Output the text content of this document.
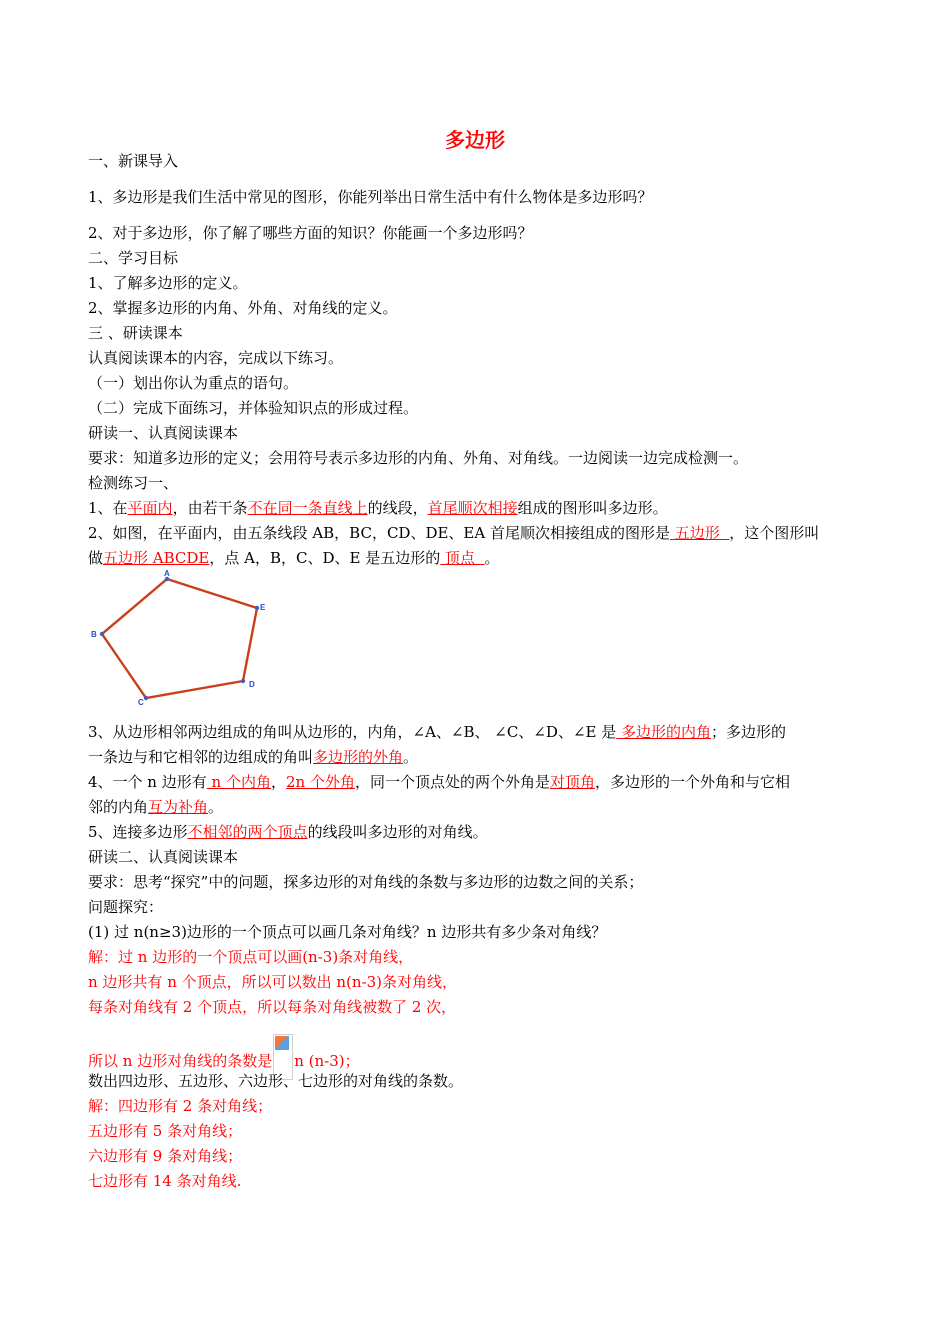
多边形
一、新课导入
1、多边形是我们生活中常见的图形，你能列举出日常生活中有什么物体是多边形吗？
2、对于多边形，你了解了哪些方面的知识？你能画一个多边形吗？
二、学习目标
1、了解多边形的定义。
2、掌握多边形的内角、外角、对角线的定义。
三 、研读课本
认真阅读课本的内容，完成以下练习。
（一）划出你认为重点的语句。
（二）完成下面练习，并体验知识点的形成过程。
研读一、认真阅读课本
要求：知道多边形的定义；会用符号表示多边形的内角、外角、对角线。一边阅读一边完成检测一。
检测练习一、
1、在平面内，由若干条不在同一条直线上的线段，首尾顺次相接组成的图形叫多边形。
2、如图，在平面内，由五条线段 AB，BC，CD、DE、EA 首尾顺次相接组成的图形是 五边形  ，这个图形叫
做五边形 ABCDE，点 A，B，C、D、E 是五边形的 顶点  。
A
E
D
C
B
3、从边形相邻两边组成的角叫从边形的，内角，∠A、∠B、 ∠C、∠D、∠E 是 多边形的内角；多边形的
一条边与和它相邻的边组成的角叫多边形的外角。
4、一个 n 边形有 n 个内角，2n 个外角，同一个顶点处的两个外角是对顶角，多边形的一个外角和与它相
邻的内角互为补角。
5、连接多边形不相邻的两个顶点的线段叫多边形的对角线。
研读二、认真阅读课本
要求：思考“探究”中的问题，探多边形的对角线的条数与多边形的边数之间的关系；
问题探究：
(1) 过 n(n≥3)边形的一个顶点可以画几条对角线？n 边形共有多少条对角线？
解：过 n 边形的一个顶点可以画(n-3)条对角线，
n 边形共有 n 个顶点，所以可以数出 n(n-3)条对角线，
每条对角线有 2 个顶点，所以每条对角线被数了 2 次，
所以 n 边形对角线的条数是 n (n-3)；
数出四边形、五边形、六边形、七边形的对角线的条数。
解：四边形有 2 条对角线；
五边形有 5 条对角线；
六边形有 9 条对角线；
七边形有 14 条对角线.
